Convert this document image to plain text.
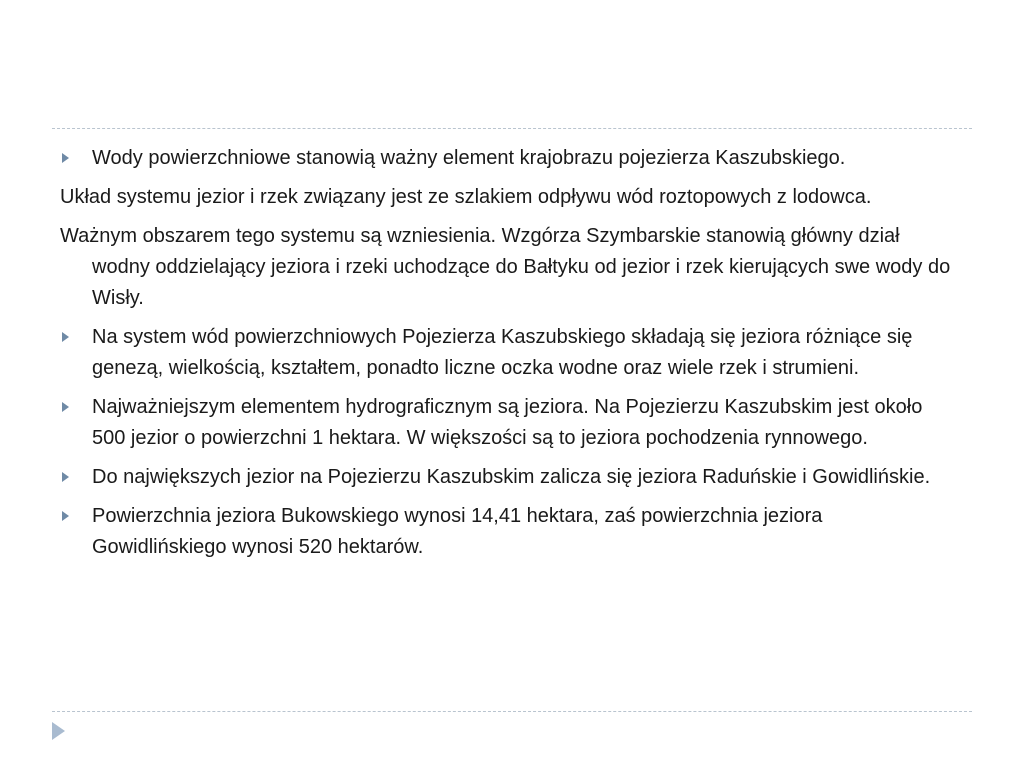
Wody powierzchniowe stanowią ważny element krajobrazu pojezierza Kaszubskiego.

Układ systemu jezior i rzek związany jest ze szlakiem odpływu wód roztopowych z lodowca.

Ważnym obszarem tego systemu są wzniesienia. Wzgórza Szymbarskie stanowią główny dział wodny oddzielający jeziora i rzeki uchodzące do Bałtyku od jezior i rzek kierujących swe wody do Wisły.

Na system wód powierzchniowych Pojezierza Kaszubskiego składają się jeziora różniące się genezą, wielkością, kształtem, ponadto liczne oczka wodne oraz wiele rzek i strumieni.

Najważniejszym elementem hydrograficznym są jeziora. Na Pojezierzu Kaszubskim jest około 500 jezior o powierzchni 1 hektara. W większości są to jeziora pochodzenia rynnowego.

Do największych jezior na Pojezierzu Kaszubskim zalicza się jeziora Raduńskie i Gowidlińskie.

Powierzchnia jeziora Bukowskiego wynosi 14,41 hektara, zaś powierzchnia jeziora Gowidlińskiego wynosi 520 hektarów.
